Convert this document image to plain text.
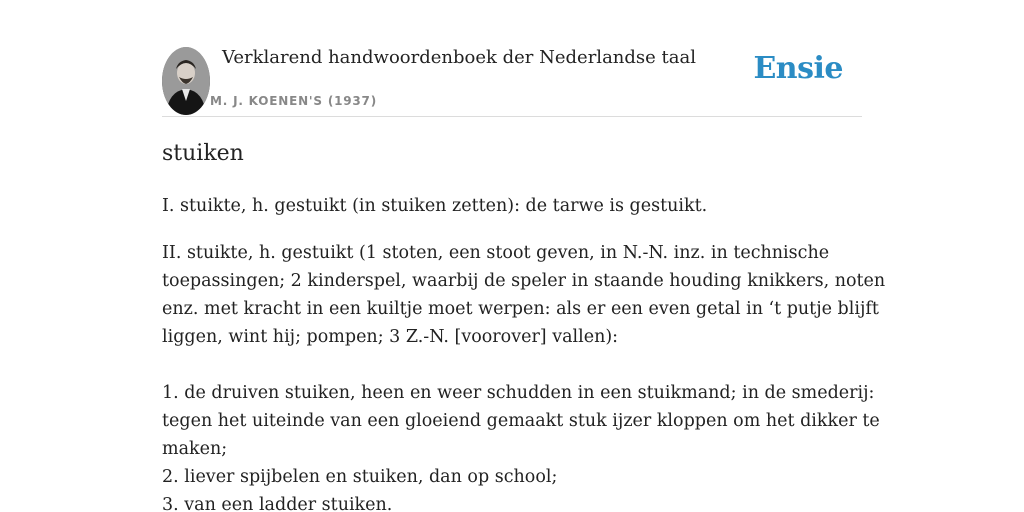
Verklarend handwoordenboek der Nederlandse taal
M. J. KOENEN'S (1937)
Ensie
stuiken

I. stuikte, h. gestuikt (in stuiken zetten): de tarwe is gestuikt.

II. stuikte, h. gestuikt (1 stoten, een stoot geven, in N.-N. inz. in technische
toepassingen; 2 kinderspel, waarbij de speler in staande houding knikkers, noten
enz. met kracht in een kuiltje moet werpen: als er een even getal in ‘t putje blijft
liggen, wint hij; pompen; 3 Z.-N. [voorover] vallen):
1. de druiven stuiken, heen en weer schudden in een stuikmand; in de smederij:
tegen het uiteinde van een gloeiend gemaakt stuk ijzer kloppen om het dikker te
maken;
2. liever spijbelen en stuiken, dan op school;
3. van een ladder stuiken.
